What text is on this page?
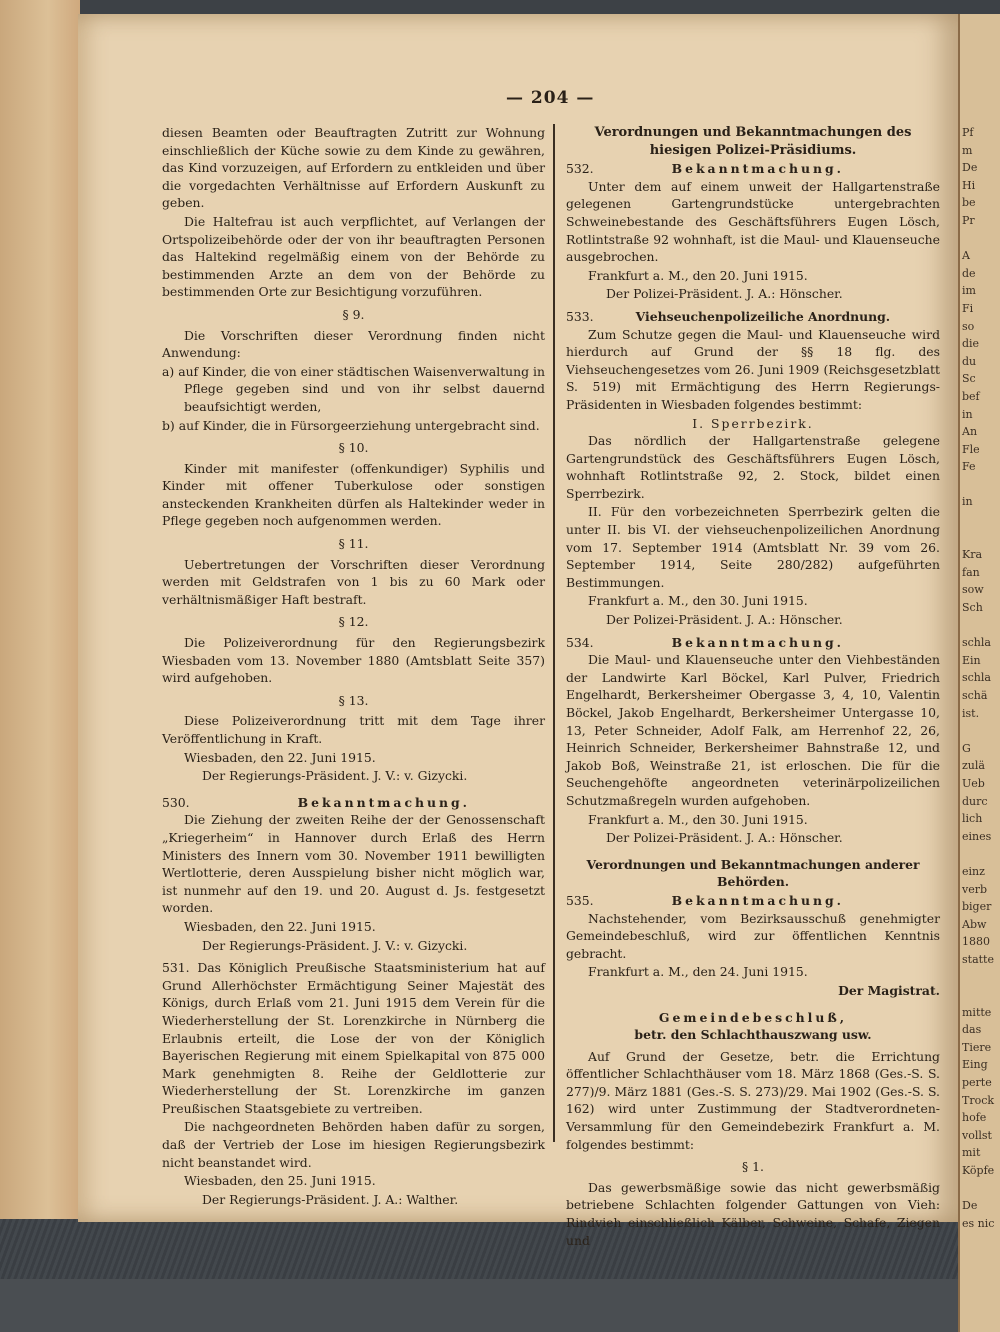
Pf
m
De
Hi
be
Pr

A
de
im
Fi
so
die
du
Sc
bef
in
An
Fle
Fe

in

Kra
fan
sow
Sch

schla
Ein
schla
schä
ist.

G
zulä
Ueb
durc
lich
eines

einz
verb
biger
Abw
1880
statte

mitte
das
Tiere
Eing
perte
Trock
hofe
vollst
mit
Köpfe

De
es nic
— 204 —

diesen Beamten oder Beauftragten Zutritt zur Wohnung einschließlich der Küche sowie zu dem Kinde zu gewähren, das Kind vorzuzeigen, auf Erfordern zu entkleiden und über die vorgedachten Verhältnisse auf Erfordern Auskunft zu geben.

Die Haltefrau ist auch verpflichtet, auf Verlangen der Ortspolizeibehörde oder der von ihr beauftragten Personen das Haltekind regelmäßig einem von der Behörde zu bestimmenden Arzte an dem von der Behörde zu bestimmenden Orte zur Besichtigung vorzuführen.

§ 9.

Die Vorschriften dieser Verordnung finden nicht Anwendung:

a) auf Kinder, die von einer städtischen Waisenverwaltung in Pflege gegeben sind und von ihr selbst dauernd beaufsichtigt werden,

b) auf Kinder, die in Fürsorgeerziehung untergebracht sind.

§ 10.

Kinder mit manifester (offenkundiger) Syphilis und Kinder mit offener Tuberkulose oder sonstigen ansteckenden Krankheiten dürfen als Haltekinder weder in Pflege gegeben noch aufgenommen werden.

§ 11.

Uebertretungen der Vorschriften dieser Verordnung werden mit Geldstrafen von 1 bis zu 60 Mark oder verhältnismäßiger Haft bestraft.

§ 12.

Die Polizeiverordnung für den Regierungsbezirk Wiesbaden vom 13. November 1880 (Amtsblatt Seite 357) wird aufgehoben.

§ 13.

Diese Polizeiverordnung tritt mit dem Tage ihrer Veröffentlichung in Kraft.

Wiesbaden, den 22. Juni 1915.

Der Regierungs-Präsident. J. V.: v. Gizycki.

530.	Bekanntmachung.

Die Ziehung der zweiten Reihe der der Genossenschaft „Kriegerheim“ in Hannover durch Erlaß des Herrn Ministers des Innern vom 30. November 1911 bewilligten Wertlotterie, deren Ausspielung bisher nicht möglich war, ist nunmehr auf den 19. und 20. August d. Js. festgesetzt worden.

Wiesbaden, den 22. Juni 1915.

Der Regierungs-Präsident. J. V.: v. Gizycki.

531. Das Königlich Preußische Staatsministerium hat auf Grund Allerhöchster Ermächtigung Seiner Majestät des Königs, durch Erlaß vom 21. Juni 1915 dem Verein für die Wiederherstellung der St. Lorenzkirche in Nürnberg die Erlaubnis erteilt, die Lose der von der Königlich Bayerischen Regierung mit einem Spielkapital von 875 000 Mark genehmigten 8. Reihe der Geldlotterie zur Wiederherstellung der St. Lorenzkirche im ganzen Preußischen Staatsgebiete zu vertreiben.

Die nachgeordneten Behörden haben dafür zu sorgen, daß der Vertrieb der Lose im hiesigen Regierungsbezirk nicht beanstandet wird.

Wiesbaden, den 25. Juni 1915.

Der Regierungs-Präsident. J. A.: Walther.

Verordnungen und Bekanntmachungen des hiesigen Polizei-Präsidiums.

532.	Bekanntmachung.

Unter dem auf einem unweit der Hallgartenstraße gelegenen Gartengrundstücke untergebrachten Schweinebestande des Geschäftsführers Eugen Lösch, Rotlintstraße 92 wohnhaft, ist die Maul- und Klauenseuche ausgebrochen.

Frankfurt a. M., den 20. Juni 1915.

Der Polizei-Präsident. J. A.: Hönscher.

533.	Viehseuchenpolizeiliche Anordnung.

Zum Schutze gegen die Maul- und Klauenseuche wird hierdurch auf Grund der §§ 18 flg. des Viehseuchengesetzes vom 26. Juni 1909 (Reichsgesetzblatt S. 519) mit Ermächtigung des Herrn Regierungs-Präsidenten in Wiesbaden folgendes bestimmt:

I. Sperrbezirk.

Das nördlich der Hallgartenstraße gelegene Gartengrundstück des Geschäftsführers Eugen Lösch, wohnhaft Rotlintstraße 92, 2. Stock, bildet einen Sperrbezirk.

II. Für den vorbezeichneten Sperrbezirk gelten die unter II. bis VI. der viehseuchenpolizeilichen Anordnung vom 17. September 1914 (Amtsblatt Nr. 39 vom 26. September 1914, Seite 280/282) aufgeführten Bestimmungen.

Frankfurt a. M., den 30. Juni 1915.

Der Polizei-Präsident. J. A.: Hönscher.

534.	Bekanntmachung.

Die Maul- und Klauenseuche unter den Viehbeständen der Landwirte Karl Böckel, Karl Pulver, Friedrich Engelhardt, Berkersheimer Obergasse 3, 4, 10, Valentin Böckel, Jakob Engelhardt, Berkersheimer Untergasse 10, 13, Peter Schneider, Adolf Falk, am Herrenhof 22, 26, Heinrich Schneider, Berkersheimer Bahnstraße 12, und Jakob Boß, Weinstraße 21, ist erloschen. Die für die Seuchengehöfte angeordneten veterinärpolizeilichen Schutzmaßregeln wurden aufgehoben.

Frankfurt a. M., den 30. Juni 1915.

Der Polizei-Präsident. J. A.: Hönscher.

Verordnungen und Bekanntmachungen anderer Behörden.

535.	Bekanntmachung.

Nachstehender, vom Bezirksausschuß genehmigter Gemeindebeschluß, wird zur öffentlichen Kenntnis gebracht.

Frankfurt a. M., den 24. Juni 1915.

Der Magistrat.

Gemeindebeschluß,
betr. den Schlachthauszwang usw.

Auf Grund der Gesetze, betr. die Errichtung öffentlicher Schlachthäuser vom 18. März 1868 (Ges.-S. S. 277)/9. März 1881 (Ges.-S. S. 273)/29. Mai 1902 (Ges.-S. S. 162) wird unter Zustimmung der Stadtverordneten-Versammlung für den Gemeindebezirk Frankfurt a. M. folgendes bestimmt:

§ 1.

Das gewerbsmäßige sowie das nicht gewerbsmäßig betriebene Schlachten folgender Gattungen von Vieh: Rindvieh einschließlich Kälber, Schweine, Schafe, Ziegen und
